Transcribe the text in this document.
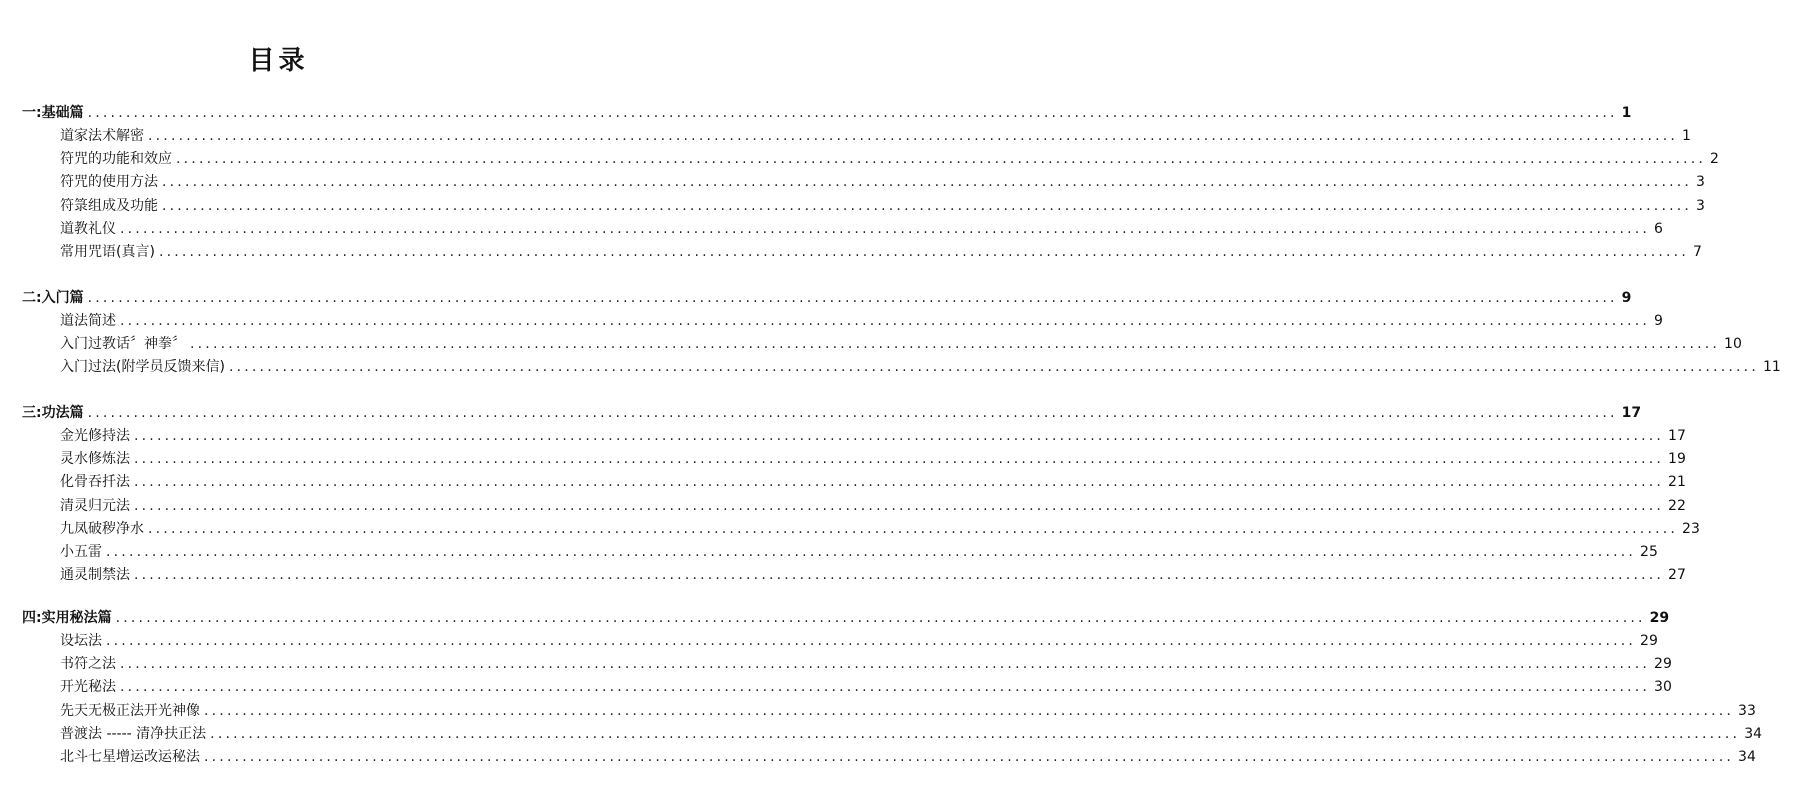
目录
一:基础篇 ........................................................................................................................................................................................................ 1
道家法术解密 ........................................................................................................................................................................................................ 1
符咒的功能和效应 ........................................................................................................................................................................................................ 2
符咒的使用方法 ........................................................................................................................................................................................................ 3
符箓组成及功能 ........................................................................................................................................................................................................ 3
道教礼仪 ........................................................................................................................................................................................................ 6
常用咒语(真言) ........................................................................................................................................................................................................ 7
二:入门篇 ........................................................................................................................................................................................................ 9
道法简述 ........................................................................................................................................................................................................ 9
入门过教话〞神拳〞 ........................................................................................................................................................................................................ 10
入门过法(附学员反馈来信) ........................................................................................................................................................................................................ 11
三:功法篇 ........................................................................................................................................................................................................ 17
金光修持法 ........................................................................................................................................................................................................ 17
灵水修炼法 ........................................................................................................................................................................................................ 19
化骨吞扦法 ........................................................................................................................................................................................................ 21
清灵归元法 ........................................................................................................................................................................................................ 22
九凤破秽净水 ........................................................................................................................................................................................................ 23
小五雷 ........................................................................................................................................................................................................ 25
通灵制禁法 ........................................................................................................................................................................................................ 27
四:实用秘法篇 ........................................................................................................................................................................................................ 29
设坛法 ........................................................................................................................................................................................................ 29
书符之法 ........................................................................................................................................................................................................ 29
开光秘法 ........................................................................................................................................................................................................ 30
先天无极正法开光神像 ........................................................................................................................................................................................................ 33
普渡法 ----- 清净扶正法 ........................................................................................................................................................................................................ 34
北斗七星增运改运秘法 ........................................................................................................................................................................................................ 34
